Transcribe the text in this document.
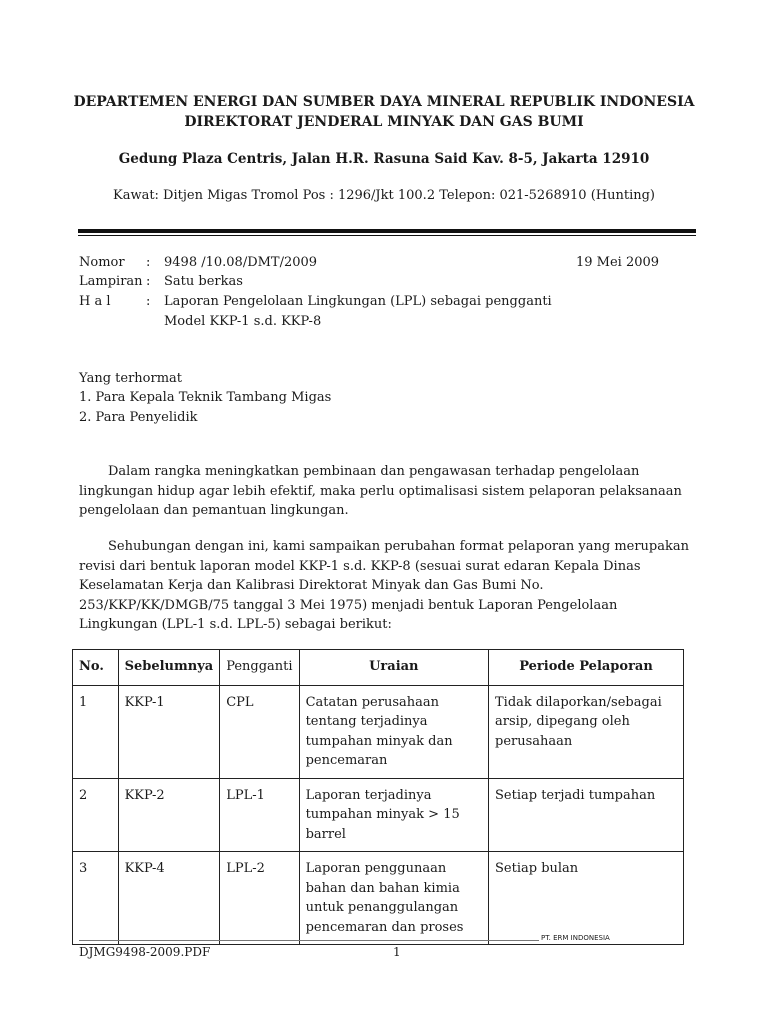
DEPARTEMEN ENERGI DAN SUMBER DAYA MINERAL REPUBLIK INDONESIA
DIREKTORAT JENDERAL MINYAK DAN GAS BUMI
Gedung Plaza Centris, Jalan H.R. Rasuna Said Kav. 8-5, Jakarta 12910
Kawat: Ditjen Migas Tromol Pos : 1296/Jkt 100.2 Telepon: 021-5268910 (Hunting)
Nomor : 9498 /10.08/DMT/2009	19 Mei 2009
Lampiran : Satu berkas
H a l	: Laporan Pengelolaan Lingkungan (LPL) sebagai pengganti
Model KKP-1 s.d. KKP-8
Yang terhormat
1. Para Kepala Teknik Tambang Migas
2. Para Penyelidik
Dalam rangka meningkatkan pembinaan dan pengawasan terhadap pengelolaan lingkungan hidup agar lebih efektif, maka perlu optimalisasi sistem pelaporan pelaksanaan pengelolaan dan pemantuan lingkungan.
Sehubungan dengan ini, kami sampaikan perubahan format pelaporan yang merupakan revisi dari bentuk laporan model KKP-1 s.d. KKP-8 (sesuai surat edaran Kepala Dinas Keselamatan Kerja dan Kalibrasi Direktorat Minyak dan Gas Bumi No. 253/KKP/KK/DMGB/75 tanggal 3 Mei 1975) menjadi bentuk Laporan Pengelolaan Lingkungan (LPL-1 s.d. LPL-5) sebagai berikut:
No.	Sebelumnya	Pengganti	Uraian	Periode Pelaporan
1	KKP-1	CPL	Catatan perusahaan tentang terjadinya tumpahan minyak dan pencemaran	Tidak dilaporkan/sebagai arsip, dipegang oleh perusahaan
2	KKP-2	LPL-1	Laporan terjadinya tumpahan minyak > 15 barrel	Setiap terjadi tumpahan
3	KKP-4	LPL-2	Laporan penggunaan bahan dan bahan kimia untuk penanggulangan pencemaran dan proses	Setiap bulan
PT. ERM INDONESIA
DJMG9498-2009.PDF	1
